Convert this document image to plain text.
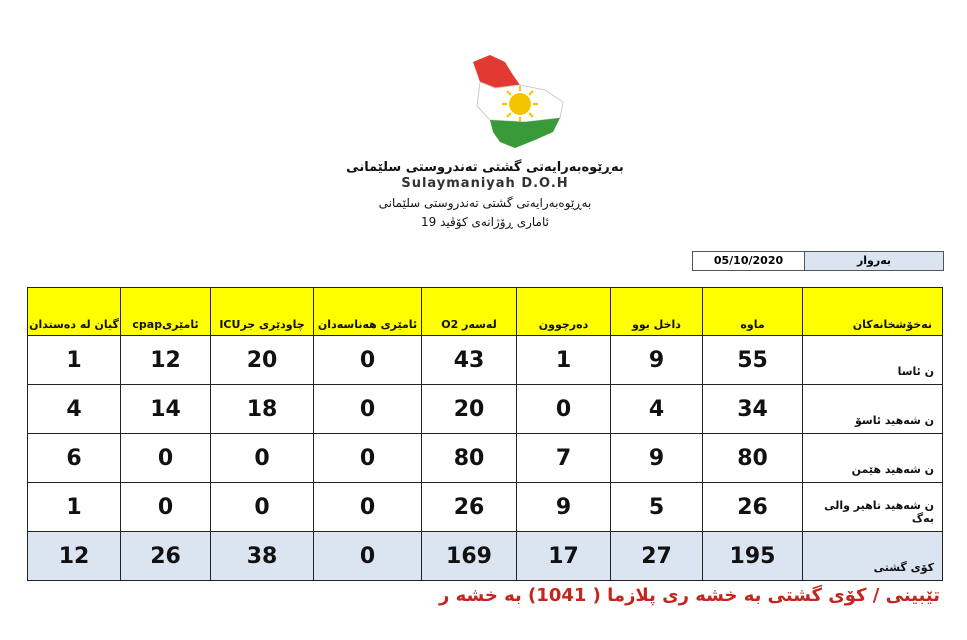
بەڕێوەبەرایەتی گشتی تەندروستی سلێمانی
Sulaymaniyah D.O.H
بەڕێوەبەرایەتی گشتی تەندروستی سلێمانی
ئاماری ڕۆژانەی کۆڤید 19
05/10/2020	بەروار
نەخۆشخانەکان	ماوە	داخل بوو	دەرچوون	لەسەر O2	ئامێری هەناسەدان	چاودێری جرICU	ئامێریcpap	گیان لە دەستدان
ن ئاسا	55	9	1	43	0	20	12	1
ن شەهید ئاسۆ	34	4	0	20	0	18	14	4
ن شەهید هێمن	80	9	7	80	0	0	0	6
ن شەهید تاهیر والی بەگ	26	5	9	26	0	0	0	1
کۆی گشتی	195	27	17	169	0	38	26	12
تێبینی / کۆی گشتی بە خشە ری پلازما ( 1041) بە خشە ر
